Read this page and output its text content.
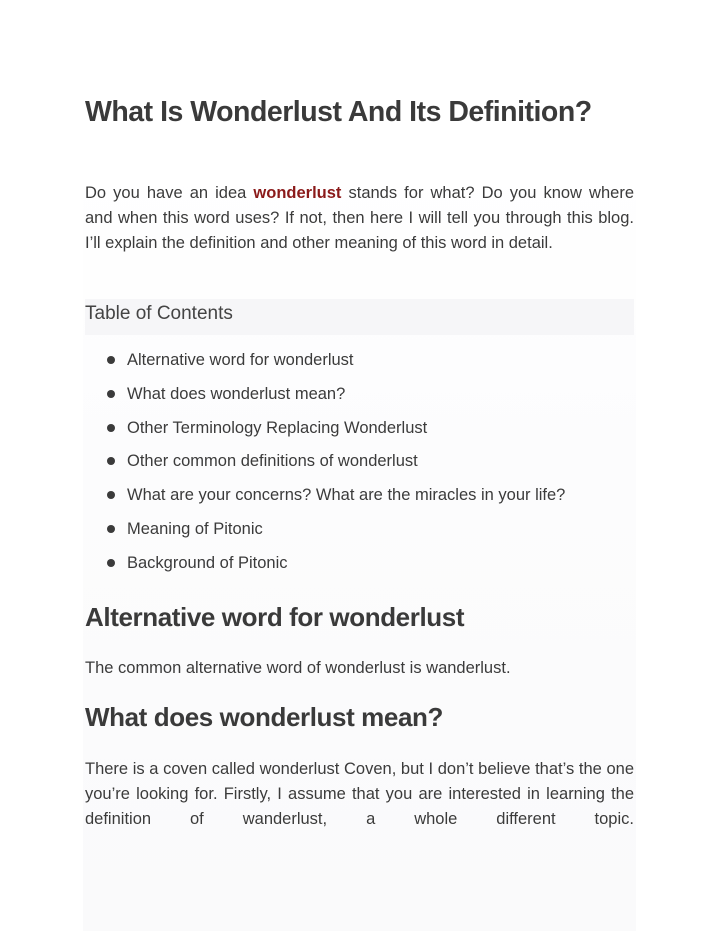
What Is Wonderlust And Its Definition?

Do you have an idea wonderlust stands for what? Do you know where and when this word uses? If not, then here I will tell you through this blog. I’ll explain the definition and other meaning of this word in detail.

Table of Contents
Alternative word for wonderlust
What does wonderlust mean?
Other Terminology Replacing Wonderlust
Other common definitions of wonderlust
What are your concerns? What are the miracles in your life?
Meaning of Pitonic
Background of Pitonic
Alternative word for wonderlust

The common alternative word of wonderlust is wanderlust.

What does wonderlust mean?

There is a coven called wonderlust Coven, but I don’t believe that’s the one you’re looking for. Firstly, I assume that you are interested in learning the definition of wanderlust, a whole different topic.
